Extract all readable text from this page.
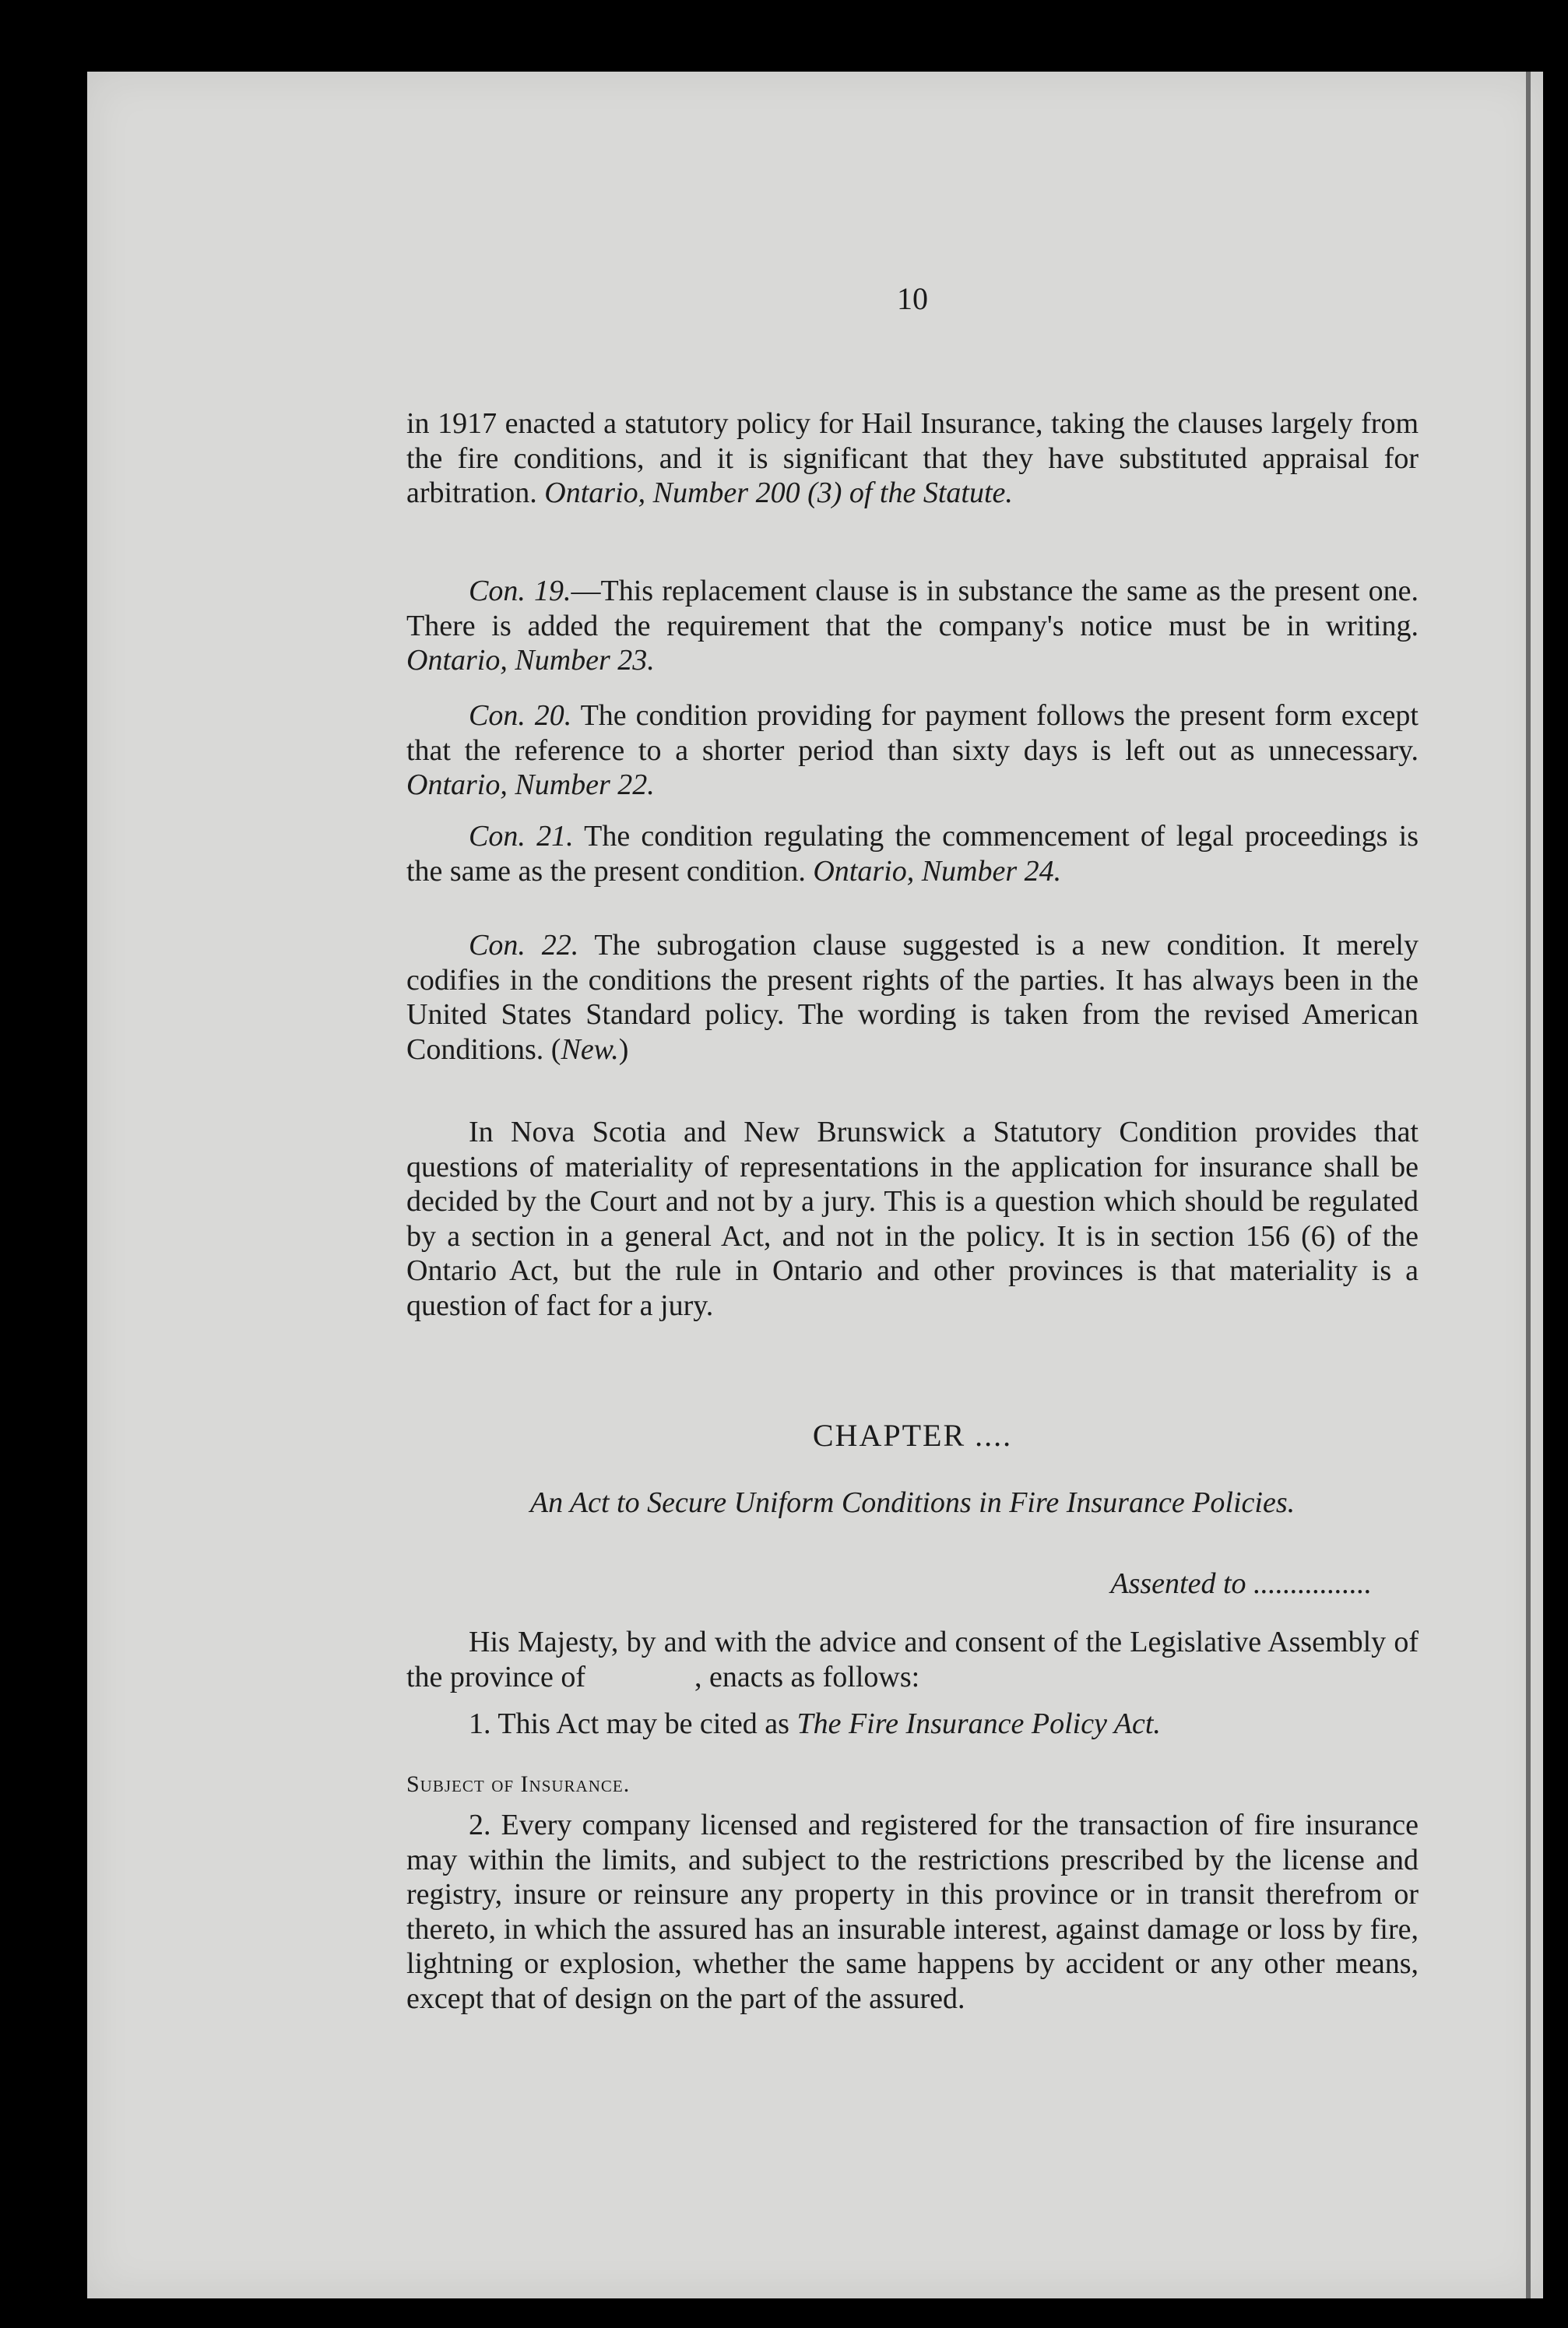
10

in 1917 enacted a statutory policy for Hail Insurance, taking the clauses largely from the fire conditions, and it is significant that they have substituted appraisal for arbitration. Ontario, Number 200 (3) of the Statute.

Con. 19.—This replacement clause is in substance the same as the present one. There is added the requirement that the company's notice must be in writing. Ontario, Number 23.

Con. 20. The condition providing for payment follows the present form except that the reference to a shorter period than sixty days is left out as unnecessary. Ontario, Number 22.

Con. 21. The condition regulating the commencement of legal proceedings is the same as the present condition. Ontario, Number 24.

Con. 22. The subrogation clause suggested is a new condition. It merely codifies in the conditions the present rights of the parties. It has always been in the United States Standard policy. The wording is taken from the revised American Conditions. (New.)

In Nova Scotia and New Brunswick a Statutory Condition provides that questions of materiality of representations in the application for insurance shall be decided by the Court and not by a jury. This is a question which should be regulated by a section in a general Act, and not in the policy. It is in section 156 (6) of the Ontario Act, but the rule in Ontario and other provinces is that materiality is a question of fact for a jury.

CHAPTER ....
An Act to Secure Uniform Conditions in Fire Insurance Policies.
Assented to ................

His Majesty, by and with the advice and consent of the Legislative Assembly of the province of	, enacts as follows:

1. This Act may be cited as The Fire Insurance Policy Act.

Subject of Insurance.

2. Every company licensed and registered for the transaction of fire insurance may within the limits, and subject to the restrictions prescribed by the license and registry, insure or reinsure any property in this province or in transit therefrom or thereto, in which the assured has an insurable interest, against damage or loss by fire, lightning or explosion, whether the same happens by accident or any other means, except that of design on the part of the assured.
